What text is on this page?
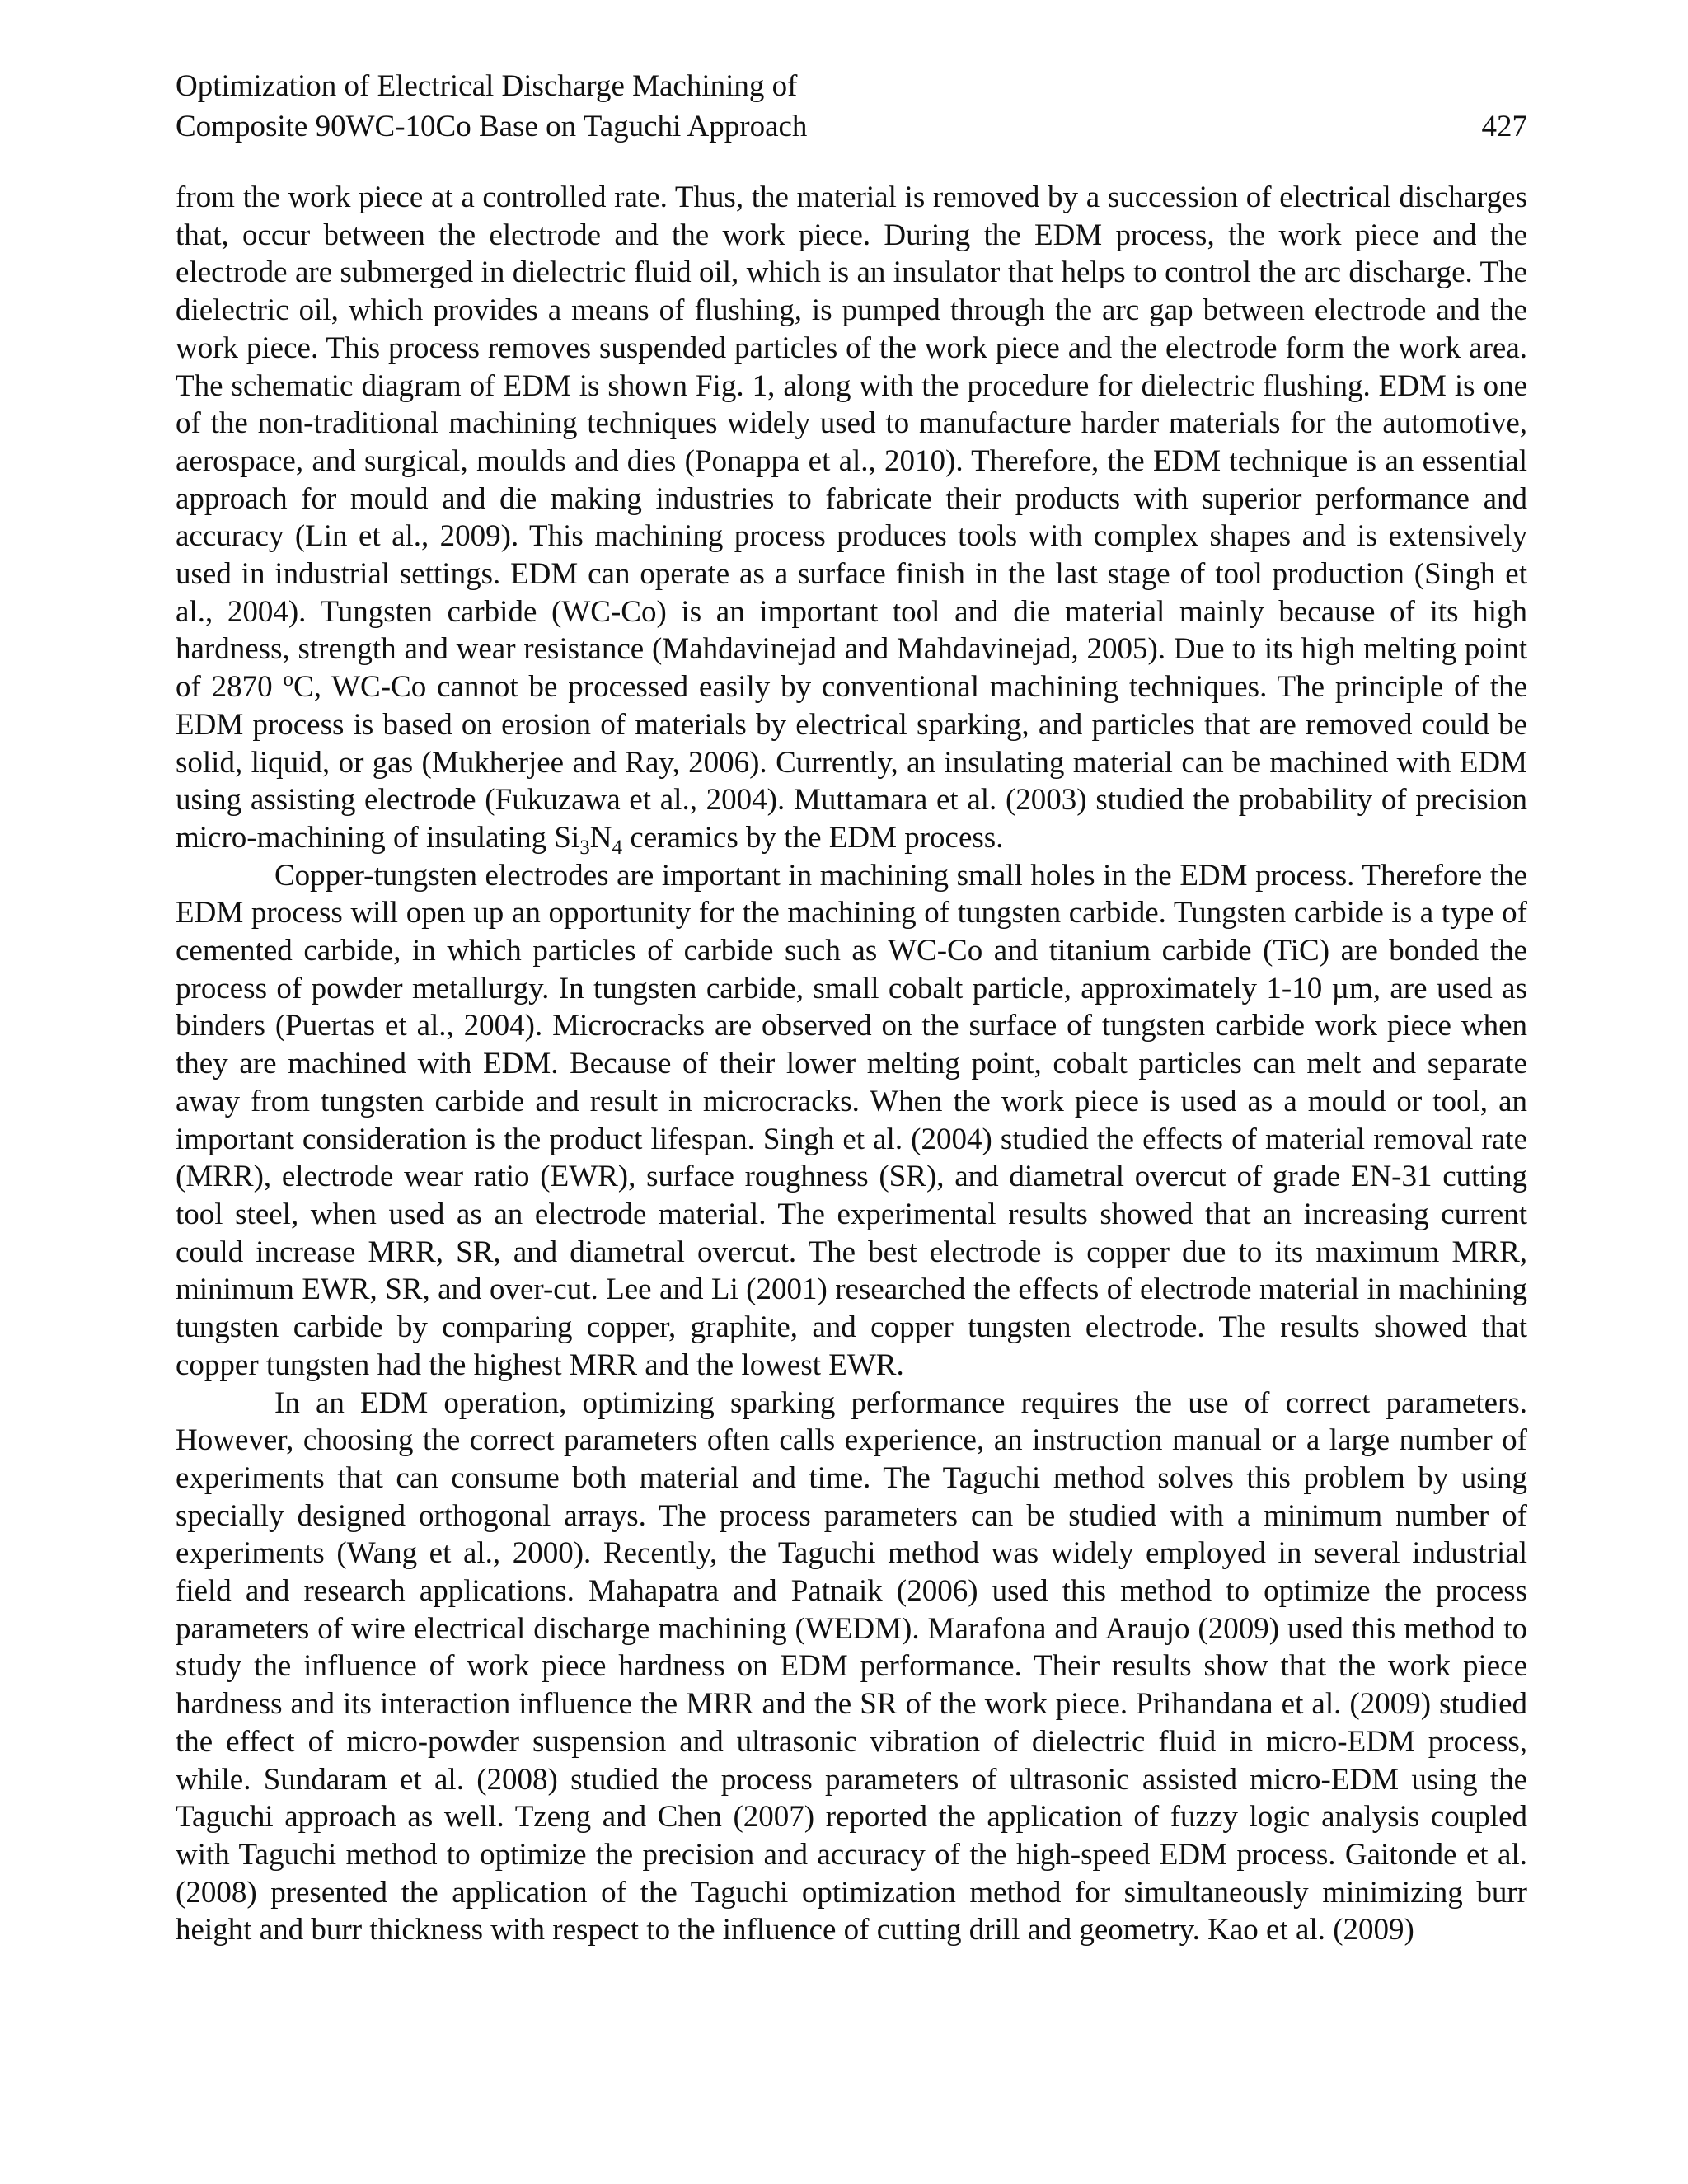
Optimization of Electrical Discharge Machining of
Composite 90WC-10Co Base on Taguchi Approach	427

from the work piece at a controlled rate. Thus, the material is removed by a succession of electrical discharges that, occur between the electrode and the work piece. During the EDM process, the work piece and the electrode are submerged in dielectric fluid oil, which is an insulator that helps to control the arc discharge. The dielectric oil, which provides a means of flushing, is pumped through the arc gap between electrode and the work piece. This process removes suspended particles of the work piece and the electrode form the work area. The schematic diagram of EDM is shown Fig. 1, along with the procedure for dielectric flushing. EDM is one of the non-traditional machining techniques widely used to manufacture harder materials for the automotive, aerospace, and surgical, moulds and dies (Ponappa et al., 2010). Therefore, the EDM technique is an essential approach for mould and die making industries to fabricate their products with superior performance and accuracy (Lin et al., 2009). This machining process produces tools with complex shapes and is extensively used in industrial settings. EDM can operate as a surface finish in the last stage of tool production (Singh et al., 2004). Tungsten carbide (WC-Co) is an important tool and die material mainly because of its high hardness, strength and wear resistance (Mahdavinejad and Mahdavinejad, 2005). Due to its high melting point of 2870 $^o$C, WC-Co cannot be processed easily by conventional machining techniques. The principle of the EDM process is based on erosion of materials by electrical sparking, and particles that are removed could be solid, liquid, or gas (Mukherjee and Ray, 2006). Currently, an insulating material can be machined with EDM using assisting electrode (Fukuzawa et al., 2004). Muttamara et al. (2003) studied the probability of precision micro-machining of insulating $Si_3N_4$ ceramics by the EDM process.

Copper-tungsten electrodes are important in machining small holes in the EDM process. Therefore the EDM process will open up an opportunity for the machining of tungsten carbide. Tungsten carbide is a type of cemented carbide, in which particles of carbide such as WC-Co and titanium carbide (TiC) are bonded the process of powder metallurgy. In tungsten carbide, small cobalt particle, approximately 1-10 µm, are used as binders (Puertas et al., 2004). Microcracks are observed on the surface of tungsten carbide work piece when they are machined with EDM. Because of their lower melting point, cobalt particles can melt and separate away from tungsten carbide and result in microcracks. When the work piece is used as a mould or tool, an important consideration is the product lifespan. Singh et al. (2004) studied the effects of material removal rate (MRR), electrode wear ratio (EWR), surface roughness (SR), and diametral overcut of grade EN-31 cutting tool steel, when used as an electrode material. The experimental results showed that an increasing current could increase MRR, SR, and diametral overcut. The best electrode is copper due to its maximum MRR, minimum EWR, SR, and over-cut. Lee and Li (2001) researched the effects of electrode material in machining tungsten carbide by comparing copper, graphite, and copper tungsten electrode. The results showed that copper tungsten had the highest MRR and the lowest EWR.

In an EDM operation, optimizing sparking performance requires the use of correct parameters. However, choosing the correct parameters often calls experience, an instruction manual or a large number of experiments that can consume both material and time. The Taguchi method solves this problem by using specially designed orthogonal arrays. The process parameters can be studied with a minimum number of experiments (Wang et al., 2000). Recently, the Taguchi method was widely employed in several industrial field and research applications. Mahapatra and Patnaik (2006) used this method to optimize the process parameters of wire electrical discharge machining (WEDM). Marafona and Araujo (2009) used this method to study the influence of work piece hardness on EDM performance. Their results show that the work piece hardness and its interaction influence the MRR and the SR of the work piece. Prihandana et al. (2009) studied the effect of micro-powder suspension and ultrasonic vibration of dielectric fluid in micro-EDM process, while. Sundaram et al. (2008) studied the process parameters of ultrasonic assisted micro-EDM using the Taguchi approach as well. Tzeng and Chen (2007) reported the application of fuzzy logic analysis coupled with Taguchi method to optimize the precision and accuracy of the high-speed EDM process. Gaitonde et al. (2008) presented the application of the Taguchi optimization method for simultaneously minimizing burr height and burr thickness with respect to the influence of cutting drill and geometry. Kao et al. (2009)
